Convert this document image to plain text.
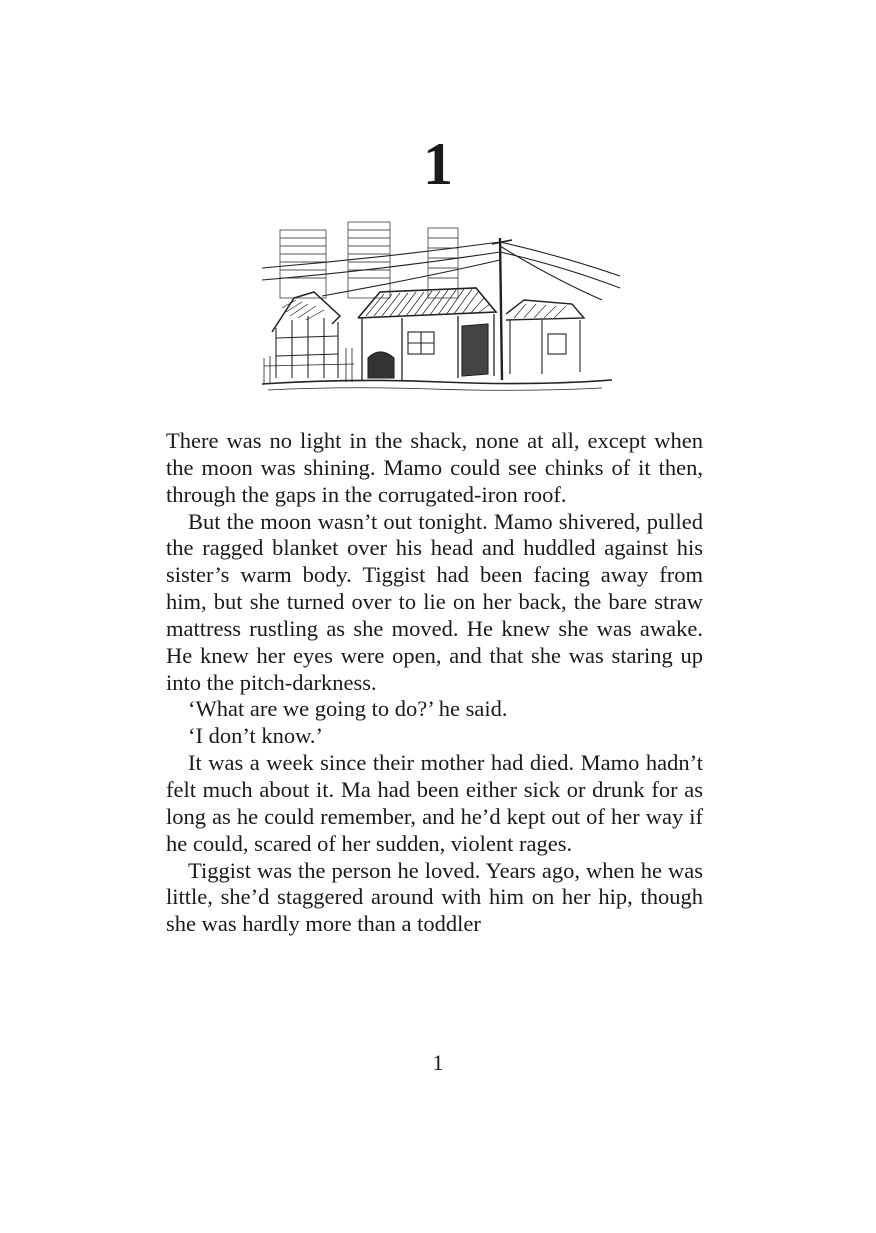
1

There was no light in the shack, none at all, except when the moon was shining. Mamo could see chinks of it then, through the gaps in the corrugated-iron roof.

But the moon wasn’t out tonight. Mamo shivered, pulled the ragged blanket over his head and huddled against his sister’s warm body. Tiggist had been facing away from him, but she turned over to lie on her back, the bare straw mattress rustling as she moved. He knew she was awake. He knew her eyes were open, and that she was staring up into the pitch-darkness.

‘What are we going to do?’ he said.

‘I don’t know.’

It was a week since their mother had died. Mamo hadn’t felt much about it. Ma had been either sick or drunk for as long as he could remember, and he’d kept out of her way if he could, scared of her sudden, violent rages.

Tiggist was the person he loved. Years ago, when he was little, she’d staggered around with him on her hip, though she was hardly more than a toddler

1
